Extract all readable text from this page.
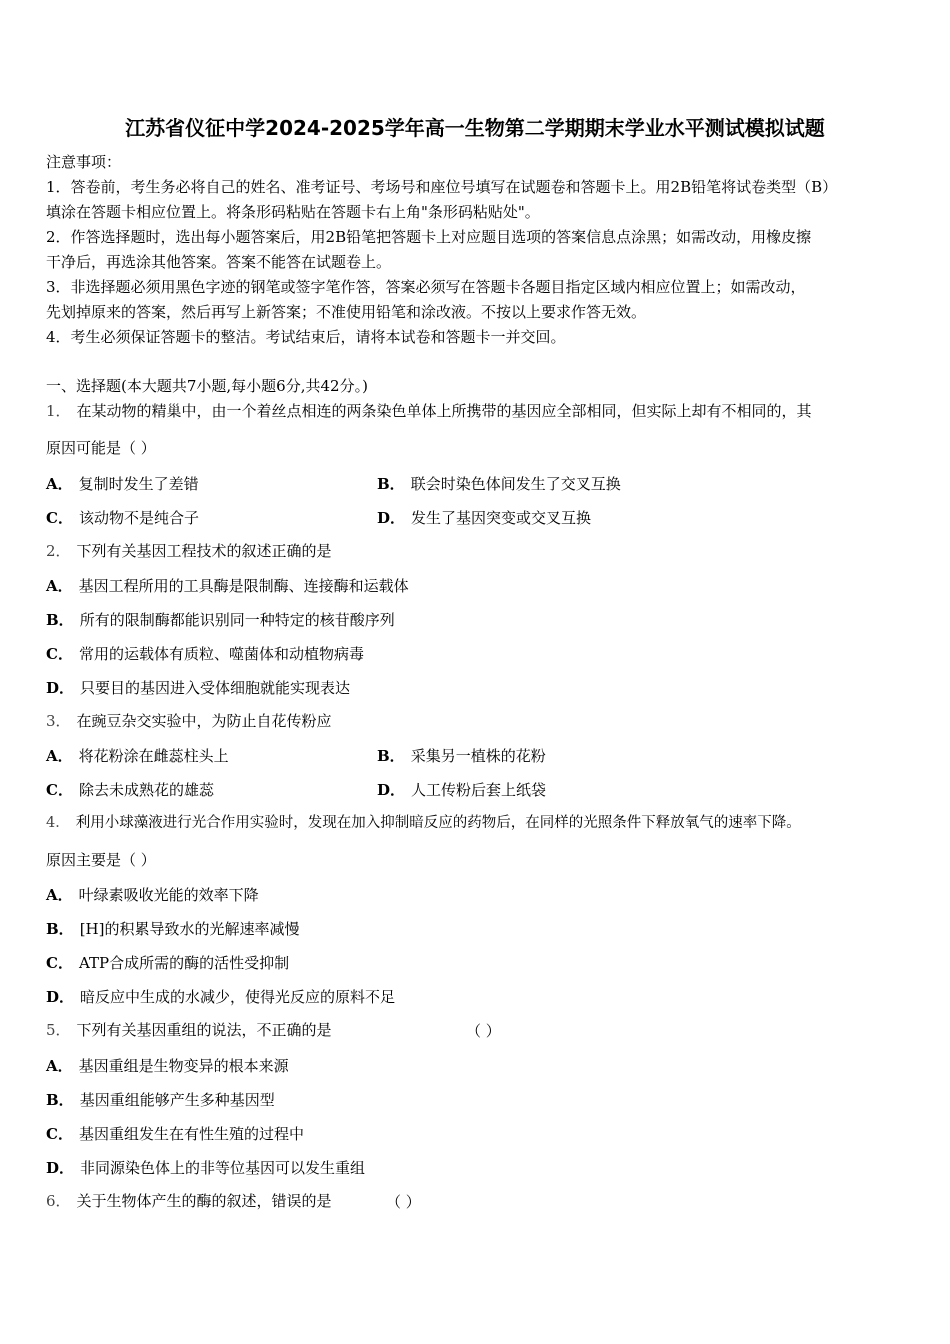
江苏省仪征中学2024-2025学年高一生物第二学期期末学业水平测试模拟试题
注意事项：
1．答卷前，考生务必将自己的姓名、准考证号、考场号和座位号填写在试题卷和答题卡上。用2B铅笔将试卷类型（B）
填涂在答题卡相应位置上。将条形码粘贴在答题卡右上角"条形码粘贴处"。
2．作答选择题时，选出每小题答案后，用2B铅笔把答题卡上对应题目选项的答案信息点涂黑；如需改动，用橡皮擦
干净后，再选涂其他答案。答案不能答在试题卷上。
3．非选择题必须用黑色字迹的钢笔或签字笔作答，答案必须写在答题卡各题目指定区域内相应位置上；如需改动，
先划掉原来的答案，然后再写上新答案；不准使用铅笔和涂改液。不按以上要求作答无效。
4．考生必须保证答题卡的整洁。考试结束后，请将本试卷和答题卡一并交回。
一、选择题(本大题共7小题,每小题6分,共42分。)
1． 在某动物的精巢中，由一个着丝点相连的两条染色单体上所携带的基因应全部相同，但实际上却有不相同的，其
原因可能是（ ）
A． 复制时发生了差错	B． 联会时染色体间发生了交叉互换
C． 该动物不是纯合子	D． 发生了基因突变或交叉互换
2． 下列有关基因工程技术的叙述正确的是
A． 基因工程所用的工具酶是限制酶、连接酶和运载体
B． 所有的限制酶都能识别同一种特定的核苷酸序列
C． 常用的运载体有质粒、噬菌体和动植物病毒
D． 只要目的基因进入受体细胞就能实现表达
3． 在豌豆杂交实验中，为防止自花传粉应
A． 将花粉涂在雌蕊柱头上	B． 采集另一植株的花粉
C． 除去未成熟花的雄蕊	D． 人工传粉后套上纸袋
4． 利用小球藻液进行光合作用实验时，发现在加入抑制暗反应的药物后，在同样的光照条件下释放氧气的速率下降。
原因主要是（ ）
A． 叶绿素吸收光能的效率下降
B． [H]的积累导致水的光解速率减慢
C． ATP合成所需的酶的活性受抑制
D． 暗反应中生成的水减少，使得光反应的原料不足
5． 下列有关基因重组的说法，不正确的是	（ ）
A． 基因重组是生物变异的根本来源
B． 基因重组能够产生多种基因型
C． 基因重组发生在有性生殖的过程中
D． 非同源染色体上的非等位基因可以发生重组
6． 关于生物体产生的酶的叙述，错误的是	（ ）
